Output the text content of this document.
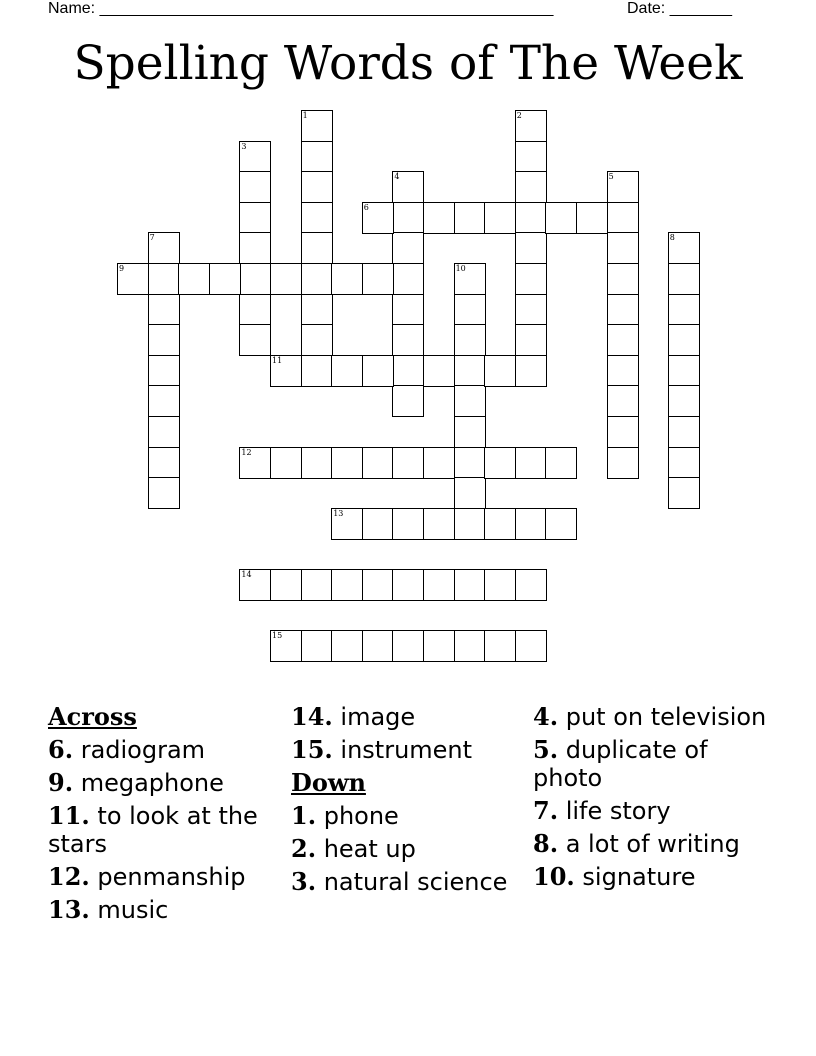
Name: ___________________________________________________	Date: _______
Spelling Words of The Week
1	2
3
4	5
6
7	8
9	10
11
12
13
14
15
Across
6. radiogram
9. megaphone
11. to look at the stars
12. penmanship
13. music
14. image
15. instrument
Down
1. phone
2. heat up
3. natural science
4. put on television
5. duplicate of photo
7. life story
8. a lot of writing
10. signature
